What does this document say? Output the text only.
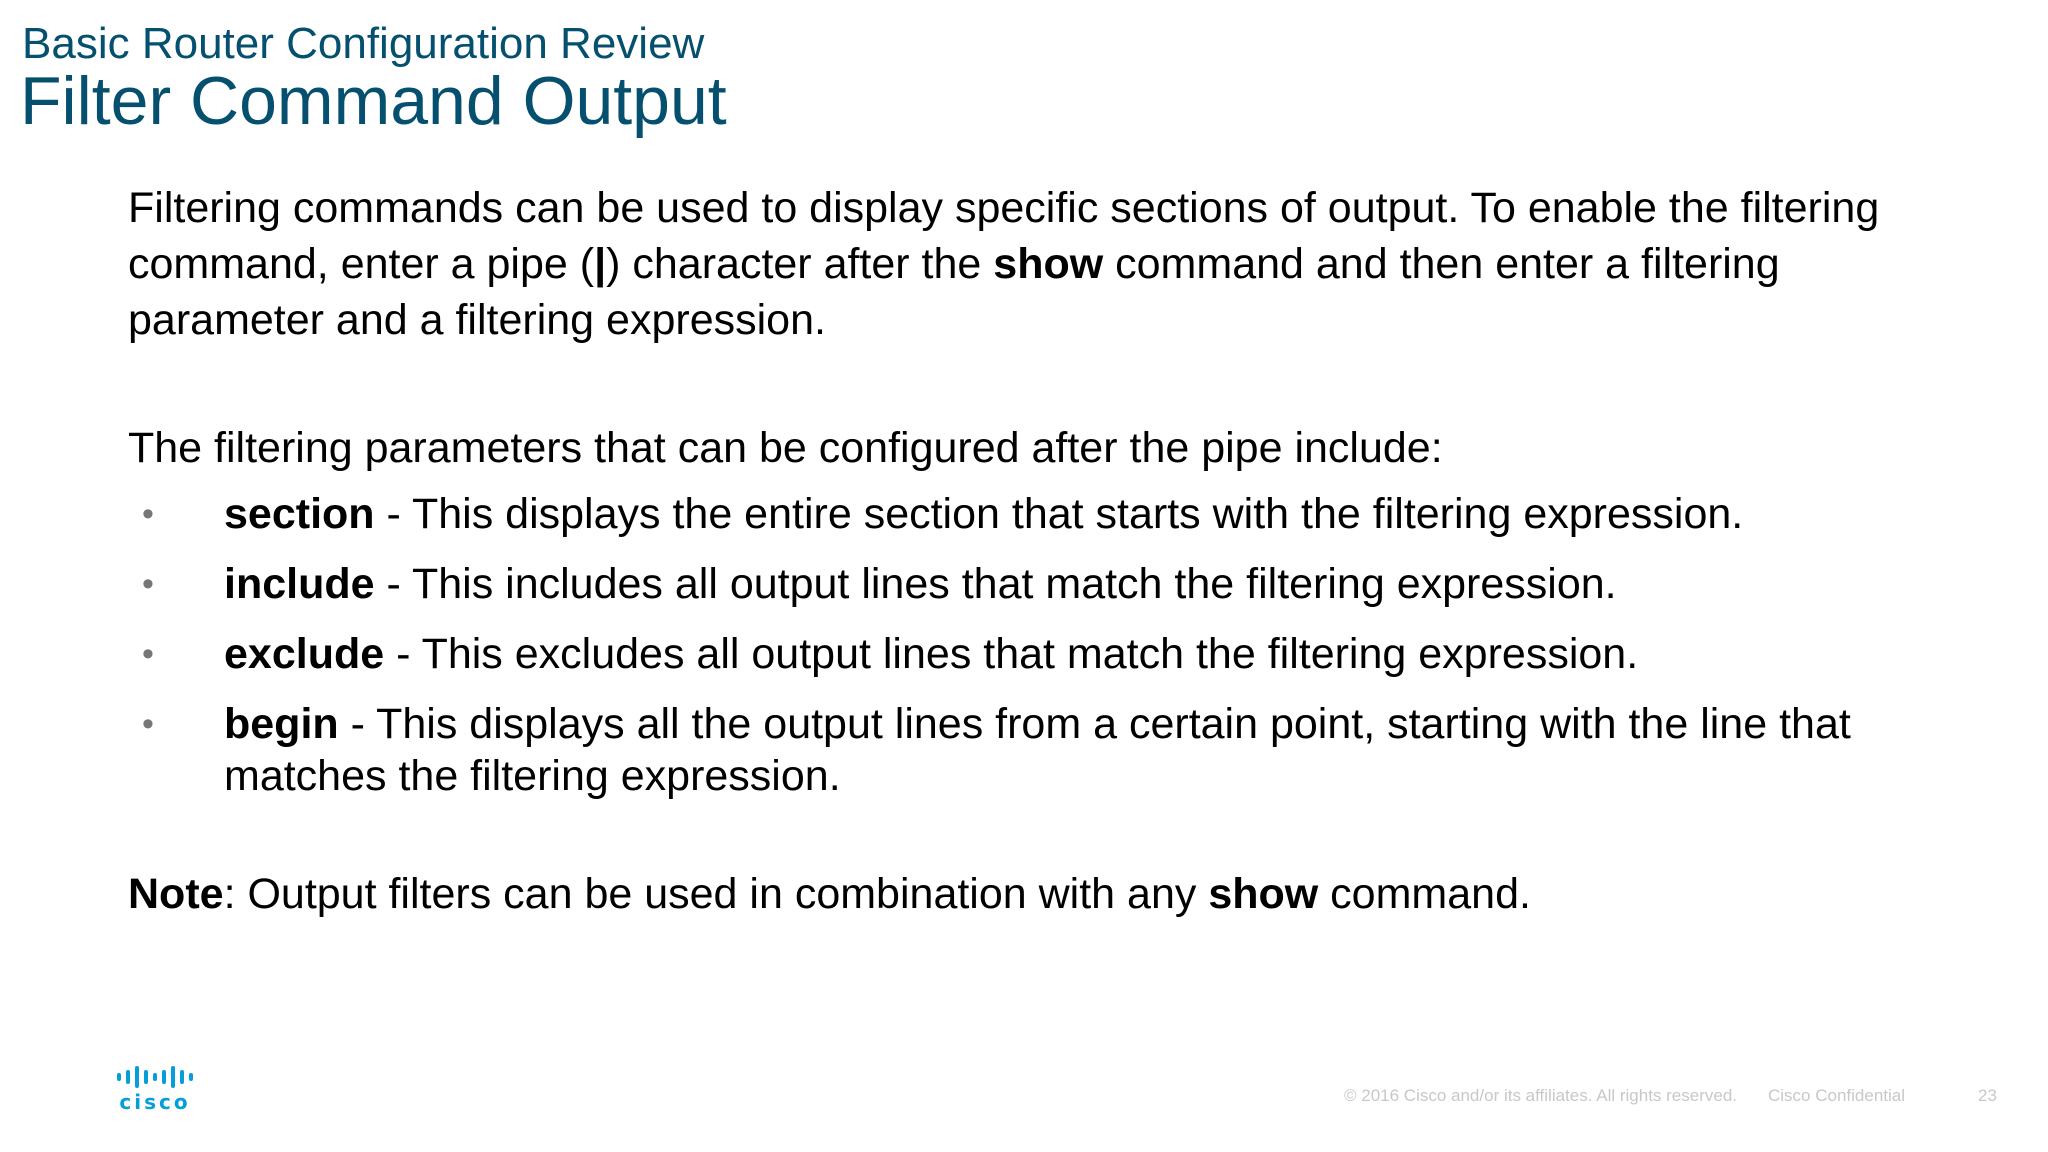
Basic Router Configuration Review
Filter Command Output

Filtering commands can be used to display specific sections of output. To enable the filtering command, enter a pipe (|) character after the show command and then enter a filtering parameter and a filtering expression.

The filtering parameters that can be configured after the pipe include:

• section - This displays the entire section that starts with the filtering expression.
• include - This includes all output lines that match the filtering expression.
• exclude - This excludes all output lines that match the filtering expression.
• begin - This displays all the output lines from a certain point, starting with the line that matches the filtering expression.

Note: Output filters can be used in combination with any show command.

cisco	© 2016 Cisco and/or its affiliates. All rights reserved. Cisco Confidential	23
